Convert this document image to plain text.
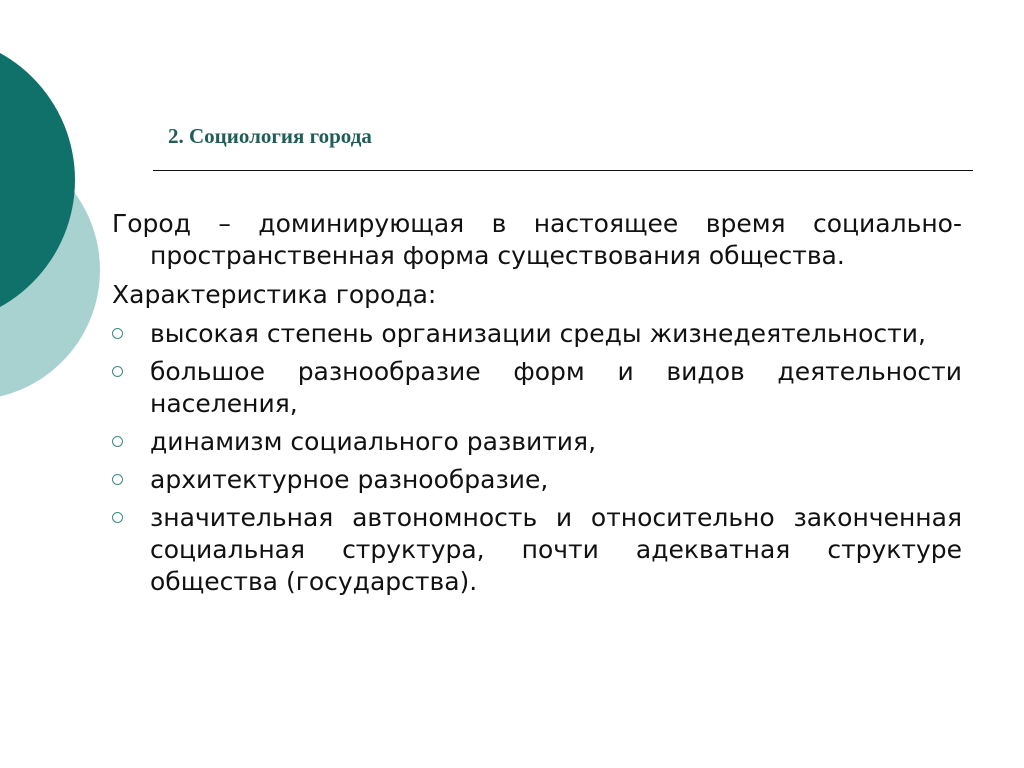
2. Социология города

Город – доминирующая в настоящее время социально-пространственная форма существования общества.

Характеристика города:

высокая степень организации среды жизнедеятельности,
большое разнообразие форм и видов деятельности населения,
динамизм социального развития,
архитектурное разнообразие,
значительная автономность и относительно законченная социальная структура, почти адекватная структуре общества (государства).
